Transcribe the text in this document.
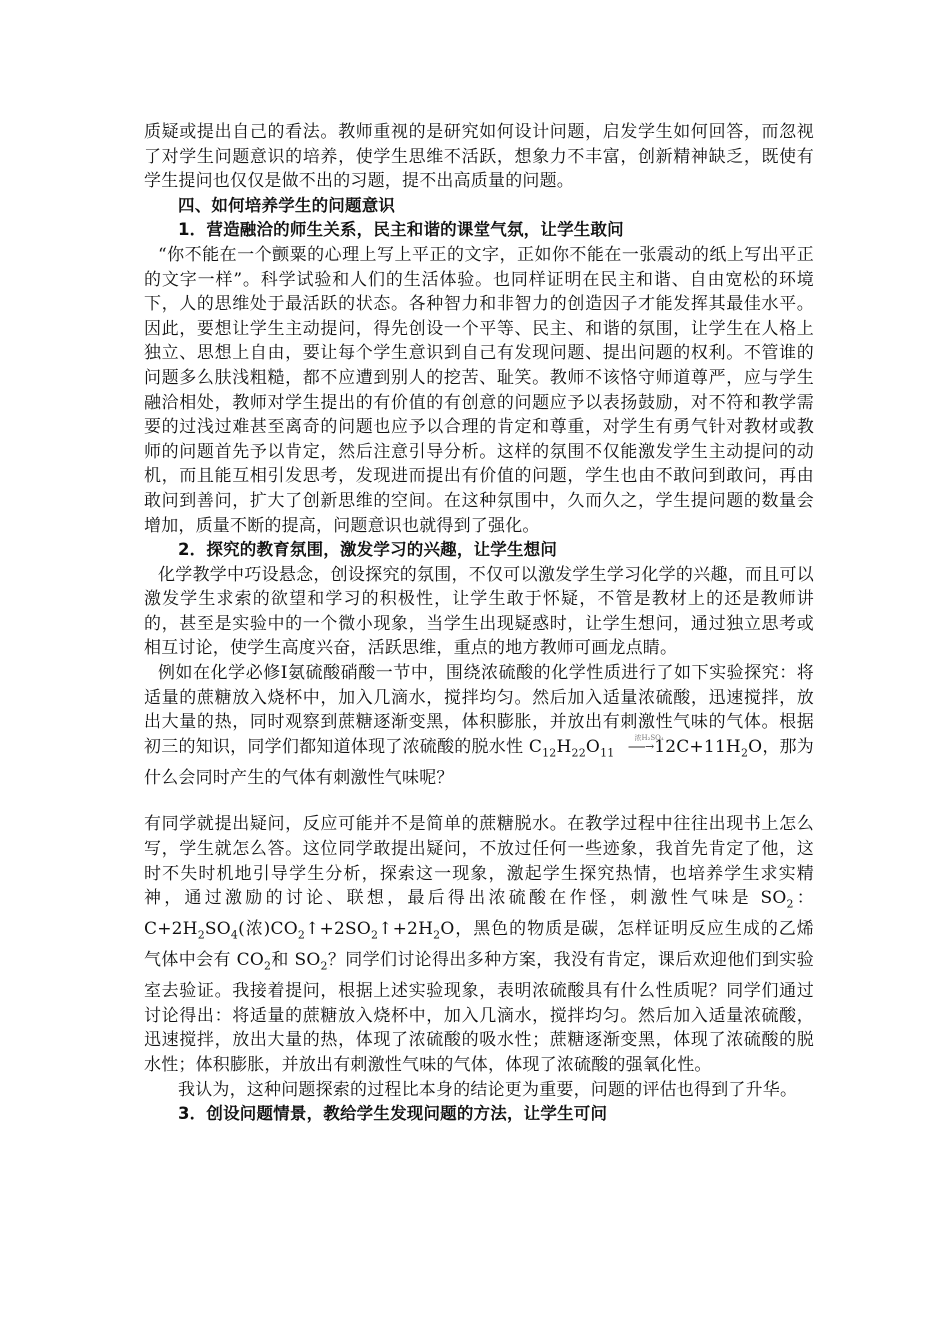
质疑或提出自己的看法。教师重视的是研究如何设计问题，启发学生如何回答，而忽视了对学生问题意识的培养，使学生思维不活跃，想象力不丰富，创新精神缺乏，既使有学生提问也仅仅是做不出的习题，提不出高质量的问题。

四、如何培养学生的问题意识

1．营造融洽的师生关系，民主和谐的课堂气氛，让学生敢问

“你不能在一个颤粟的心理上写上平正的文字，正如你不能在一张震动的纸上写出平正的文字一样”。科学试验和人们的生活体验。也同样证明在民主和谐、自由宽松的环境下，人的思维处于最活跃的状态。各种智力和非智力的创造因子才能发挥其最佳水平。因此，要想让学生主动提问，得先创设一个平等、民主、和谐的氛围，让学生在人格上独立、思想上自由，要让每个学生意识到自己有发现问题、提出问题的权利。不管谁的问题多么肤浅粗糙，都不应遭到别人的挖苦、耻笑。教师不该恪守师道尊严，应与学生融洽相处，教师对学生提出的有价值的有创意的问题应予以表扬鼓励，对不符和教学需要的过浅过难甚至离奇的问题也应予以合理的肯定和尊重，对学生有勇气针对教材或教师的问题首先予以肯定，然后注意引导分析。这样的氛围不仅能激发学生主动提问的动机，而且能互相引发思考，发现进而提出有价值的问题，学生也由不敢问到敢问，再由敢问到善问，扩大了创新思维的空间。在这种氛围中，久而久之，学生提问题的数量会增加，质量不断的提高，问题意识也就得到了强化。

2．探究的教育氛围，激发学习的兴趣，让学生想问

化学教学中巧设悬念，创设探究的氛围，不仅可以激发学生学习化学的兴趣，而且可以激发学生求索的欲望和学习的积极性，让学生敢于怀疑，不管是教材上的还是教师讲的，甚至是实验中的一个微小现象，当学生出现疑惑时，让学生想问，通过独立思考或相互讨论，使学生高度兴奋，活跃思维，重点的地方教师可画龙点睛。

例如在化学必修Ⅰ氨硫酸硝酸一节中，围绕浓硫酸的化学性质进行了如下实验探究：将适量的蔗糖放入烧杯中，加入几滴水，搅拌均匀。然后加入适量浓硫酸，迅速搅拌，放出大量的热，同时观察到蔗糖逐渐变黑，体积膨胀，并放出有刺激性气味的气体。根据初三的知识，同学们都知道体现了浓硫酸的脱水性 $C_{12}H_{22}O_{11}$
浓H₂SO₄
$⎯⎯⎯\to 12C+11H_2O$，那为什么会同时产生的气体有刺激性气味呢？

有同学就提出疑问，反应可能并不是简单的蔗糖脱水。在教学过程中往往出现书上怎么写，学生就怎么答。这位同学敢提出疑问，不放过任何一些迹象，我首先肯定了他，这时不失时机地引导学生分析，探索这一现象，激起学生探究热情，也培养学生求实精神，通过激励的讨论、联想，最后得出浓硫酸在作怪，刺激性气味是 $SO_2$：$C+2H_2SO_4$(浓)$CO_2↑+2SO_2↑+2H_2O$，黑色的物质是碳，怎样证明反应生成的乙烯气体中会有 $CO_2$和 $SO_2$？同学们讨论得出多种方案，我没有肯定，课后欢迎他们到实验室去验证。我接着提问，根据上述实验现象，表明浓硫酸具有什么性质呢？同学们通过讨论得出：将适量的蔗糖放入烧杯中，加入几滴水，搅拌均匀。然后加入适量浓硫酸，迅速搅拌，放出大量的热，体现了浓硫酸的吸水性；蔗糖逐渐变黑，体现了浓硫酸的脱水性；体积膨胀，并放出有刺激性气味的气体，体现了浓硫酸的强氧化性。

我认为，这种问题探索的过程比本身的结论更为重要，问题的评估也得到了升华。

3．创设问题情景，教给学生发现问题的方法，让学生可问
